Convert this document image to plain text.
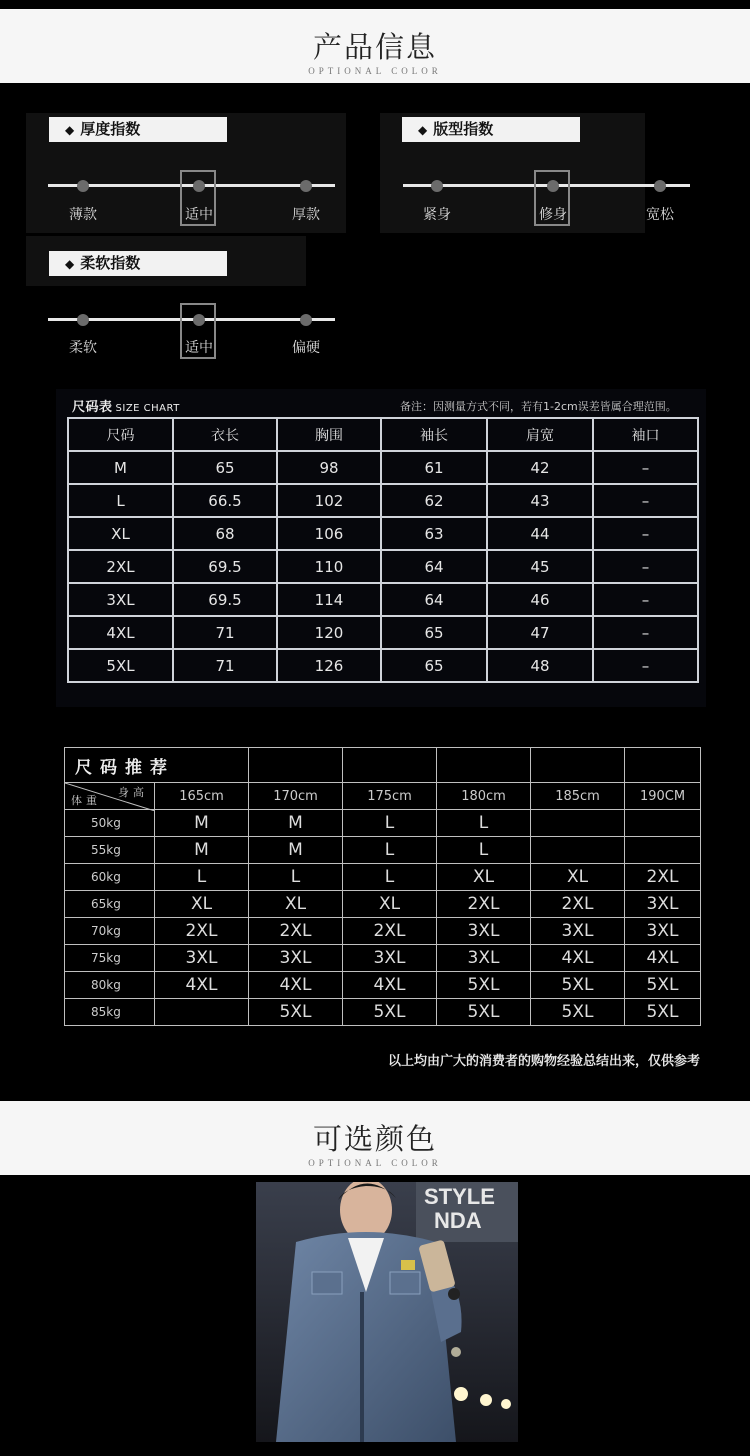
产品信息
OPTIONAL COLOR
◆ 厚度指数
薄款	适中	厚款
◆ 版型指数
紧身	修身	宽松
◆ 柔软指数
柔软	适中	偏硬
尺码表 SIZE CHART	备注：因测量方式不同，若有1-2cm误差皆属合理范围。
尺码	衣长	胸围	袖长	肩宽	袖口
M	65	98	61	42	–
L	66.5	102	62	43	–
XL	68	106	63	44	–
2XL	69.5	110	64	45	–
3XL	69.5	114	64	46	–
4XL	71	120	65	47	–
5XL	71	126	65	48	–
尺码推荐						

身高
体重	165cm	170cm	175cm	180cm	185cm	190CM
50kg	M	M	L	L		
55kg	M	M	L	L		
60kg	L	L	L	XL	XL	2XL
65kg	XL	XL	XL	2XL	2XL	3XL
70kg	2XL	2XL	2XL	3XL	3XL	3XL
75kg	3XL	3XL	3XL	3XL	4XL	4XL
80kg	4XL	4XL	4XL	5XL	5XL	5XL
85kg		5XL	5XL	5XL	5XL	5XL
以上均由广大的消费者的购物经验总结出来，仅供参考
可选颜色
OPTIONAL COLOR
STYLE
NDA
